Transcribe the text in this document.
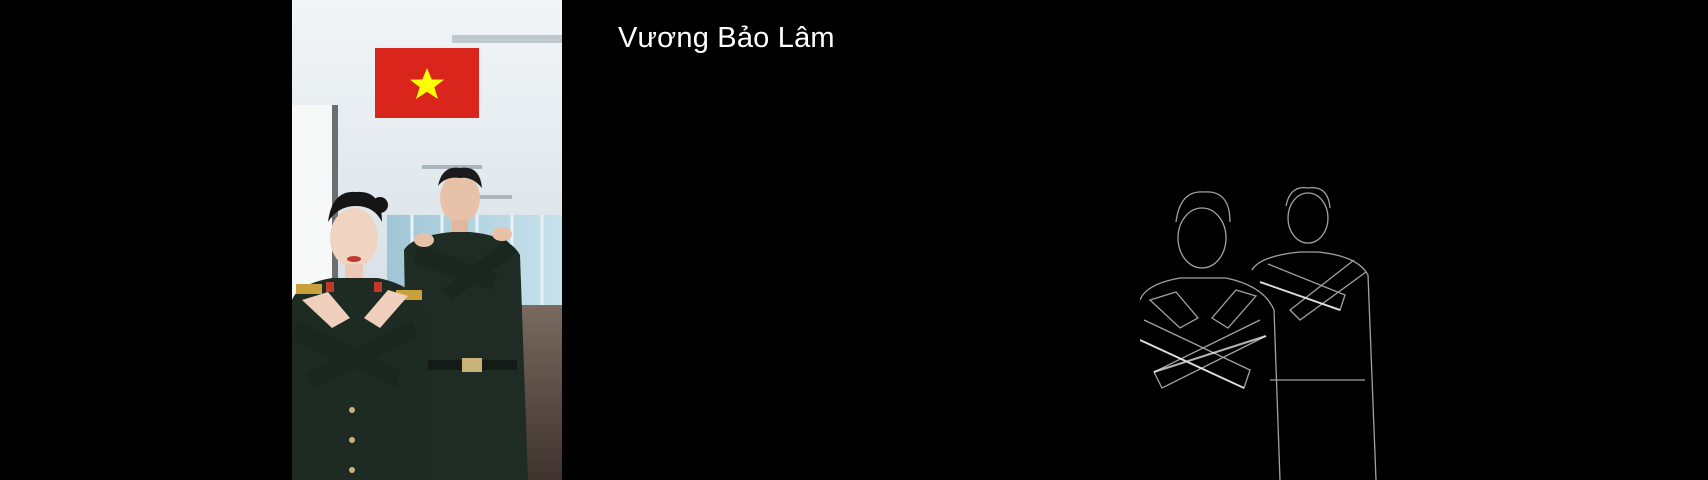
Vương Bảo Lâm
